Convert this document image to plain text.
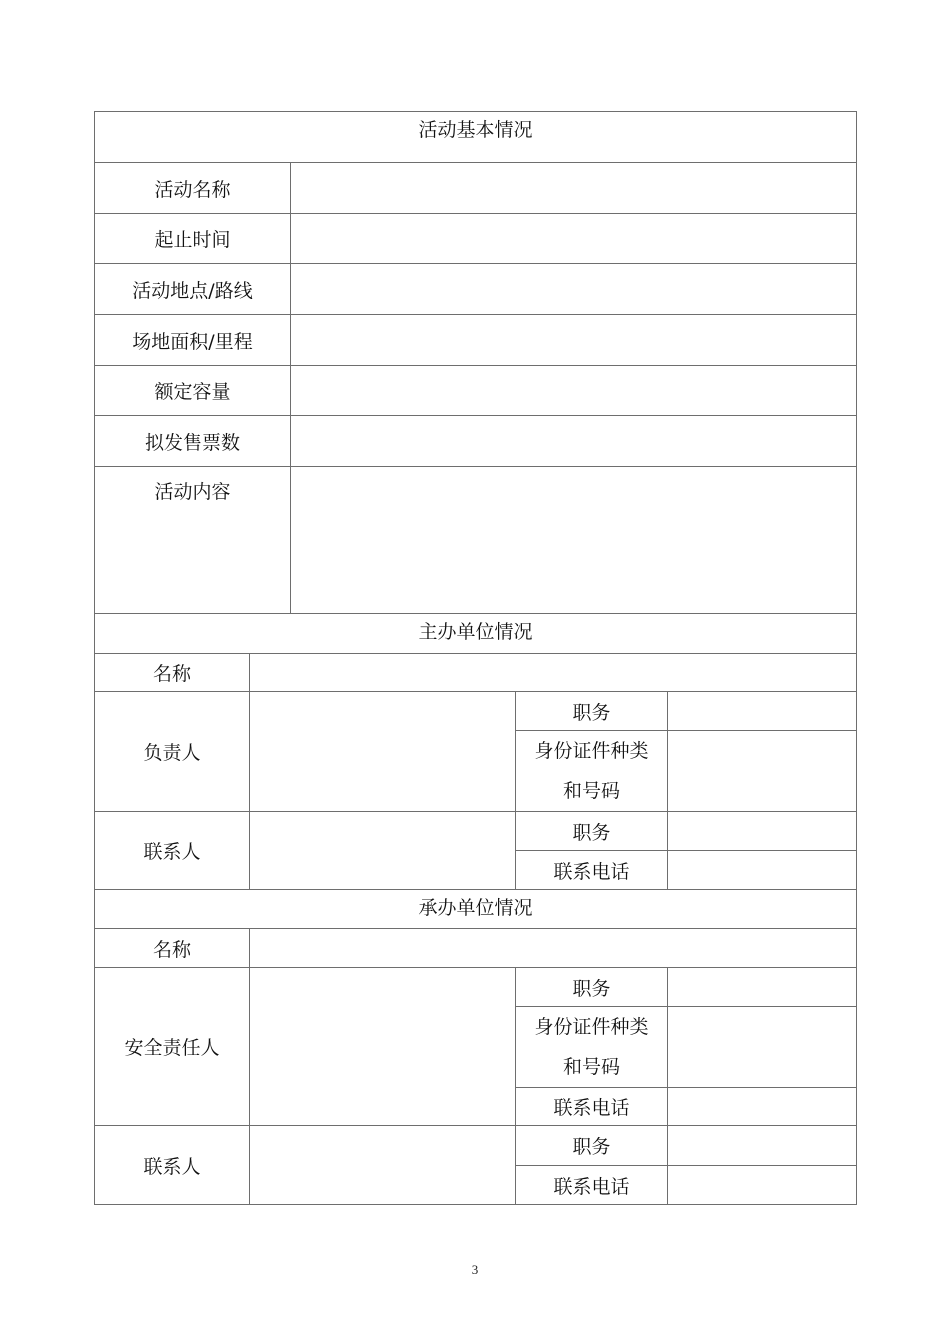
活动基本情况				
活动名称				
起止时间				
活动地点/路线				
场地面积/里程				
额定容量				
拟发售票数				
活动内容				
主办单位情况				
名称				
负责人			职务	
			身份证件种类
和号码	
联系人			职务	
			联系电话	
承办单位情况				
名称				
安全责任人			职务	
			身份证件种类
和号码	
			联系电话	
联系人			职务	
			联系电话	
3
